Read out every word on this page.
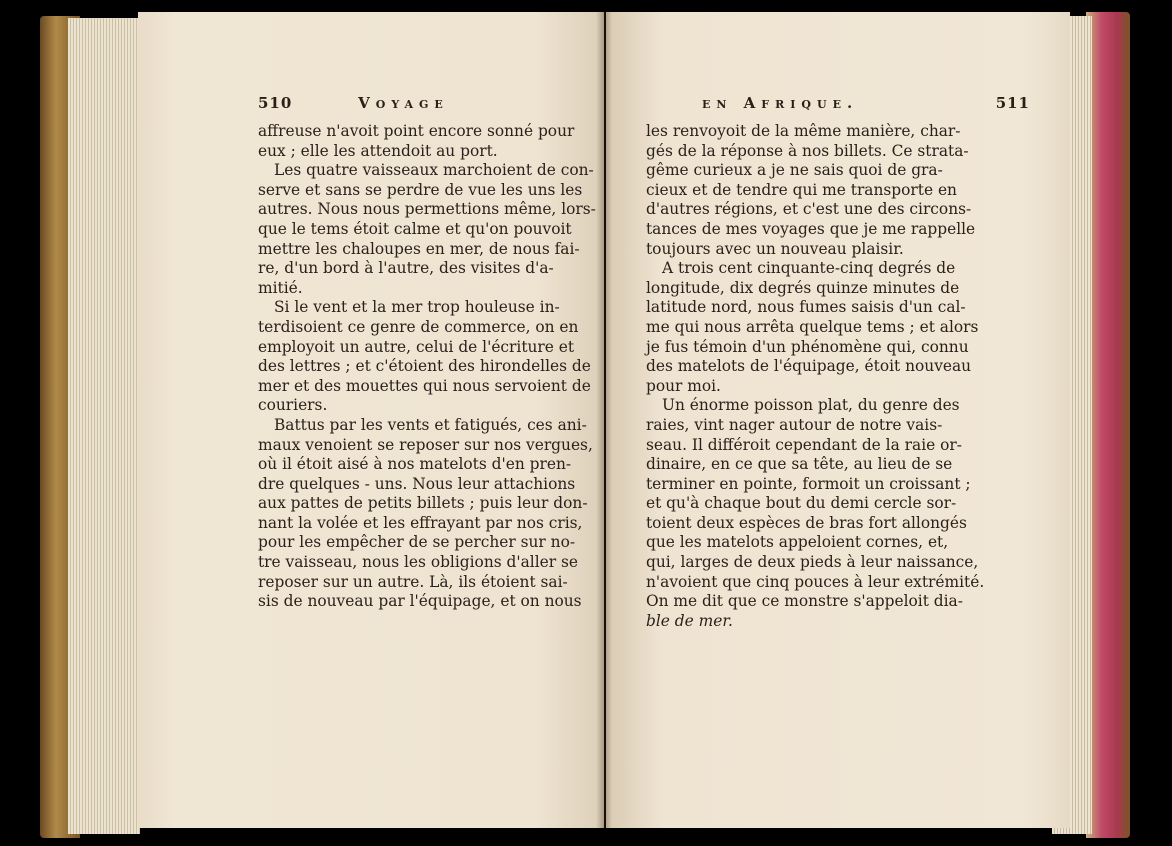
510	Voyage
affreuse n'avoit point encore sonné pour
eux ; elle les attendoit au port.
Les quatre vaisseaux marchoient de con-
serve et sans se perdre de vue les uns les
autres. Nous nous permettions même, lors-
que le tems étoit calme et qu'on pouvoit
mettre les chaloupes en mer, de nous fai-
re, d'un bord à l'autre, des visites d'a-
mitié.
Si le vent et la mer trop houleuse in-
terdisoient ce genre de commerce, on en
employoit un autre, celui de l'écriture et
des lettres ; et c'étoient des hirondelles de
mer et des mouettes qui nous servoient de
couriers.
Battus par les vents et fatigués, ces ani-
maux venoient se reposer sur nos vergues,
où il étoit aisé à nos matelots d'en pren-
dre quelques - uns. Nous leur attachions
aux pattes de petits billets ; puis leur don-
nant la volée et les effrayant par nos cris,
pour les empêcher de se percher sur no-
tre vaisseau, nous les obligions d'aller se
reposer sur un autre. Là, ils étoient sai-
sis de nouveau par l'équipage, et on nous
en Afrique.	511
les renvoyoit de la même manière, char-
gés de la réponse à nos billets. Ce strata-
gême curieux a je ne sais quoi de gra-
cieux et de tendre qui me transporte en
d'autres régions, et c'est une des circons-
tances de mes voyages que je me rappelle
toujours avec un nouveau plaisir.
A trois cent cinquante-cinq degrés de
longitude, dix degrés quinze minutes de
latitude nord, nous fumes saisis d'un cal-
me qui nous arrêta quelque tems ; et alors
je fus témoin d'un phénomène qui, connu
des matelots de l'équipage, étoit nouveau
pour moi.
Un énorme poisson plat, du genre des
raies, vint nager autour de notre vais-
seau. Il différoit cependant de la raie or-
dinaire, en ce que sa tête, au lieu de se
terminer en pointe, formoit un croissant ;
et qu'à chaque bout du demi cercle sor-
toient deux espèces de bras fort allongés
que les matelots appeloient cornes, et,
qui, larges de deux pieds à leur naissance,
n'avoient que cinq pouces à leur extrémité.
On me dit que ce monstre s'appeloit dia-
ble de mer.
